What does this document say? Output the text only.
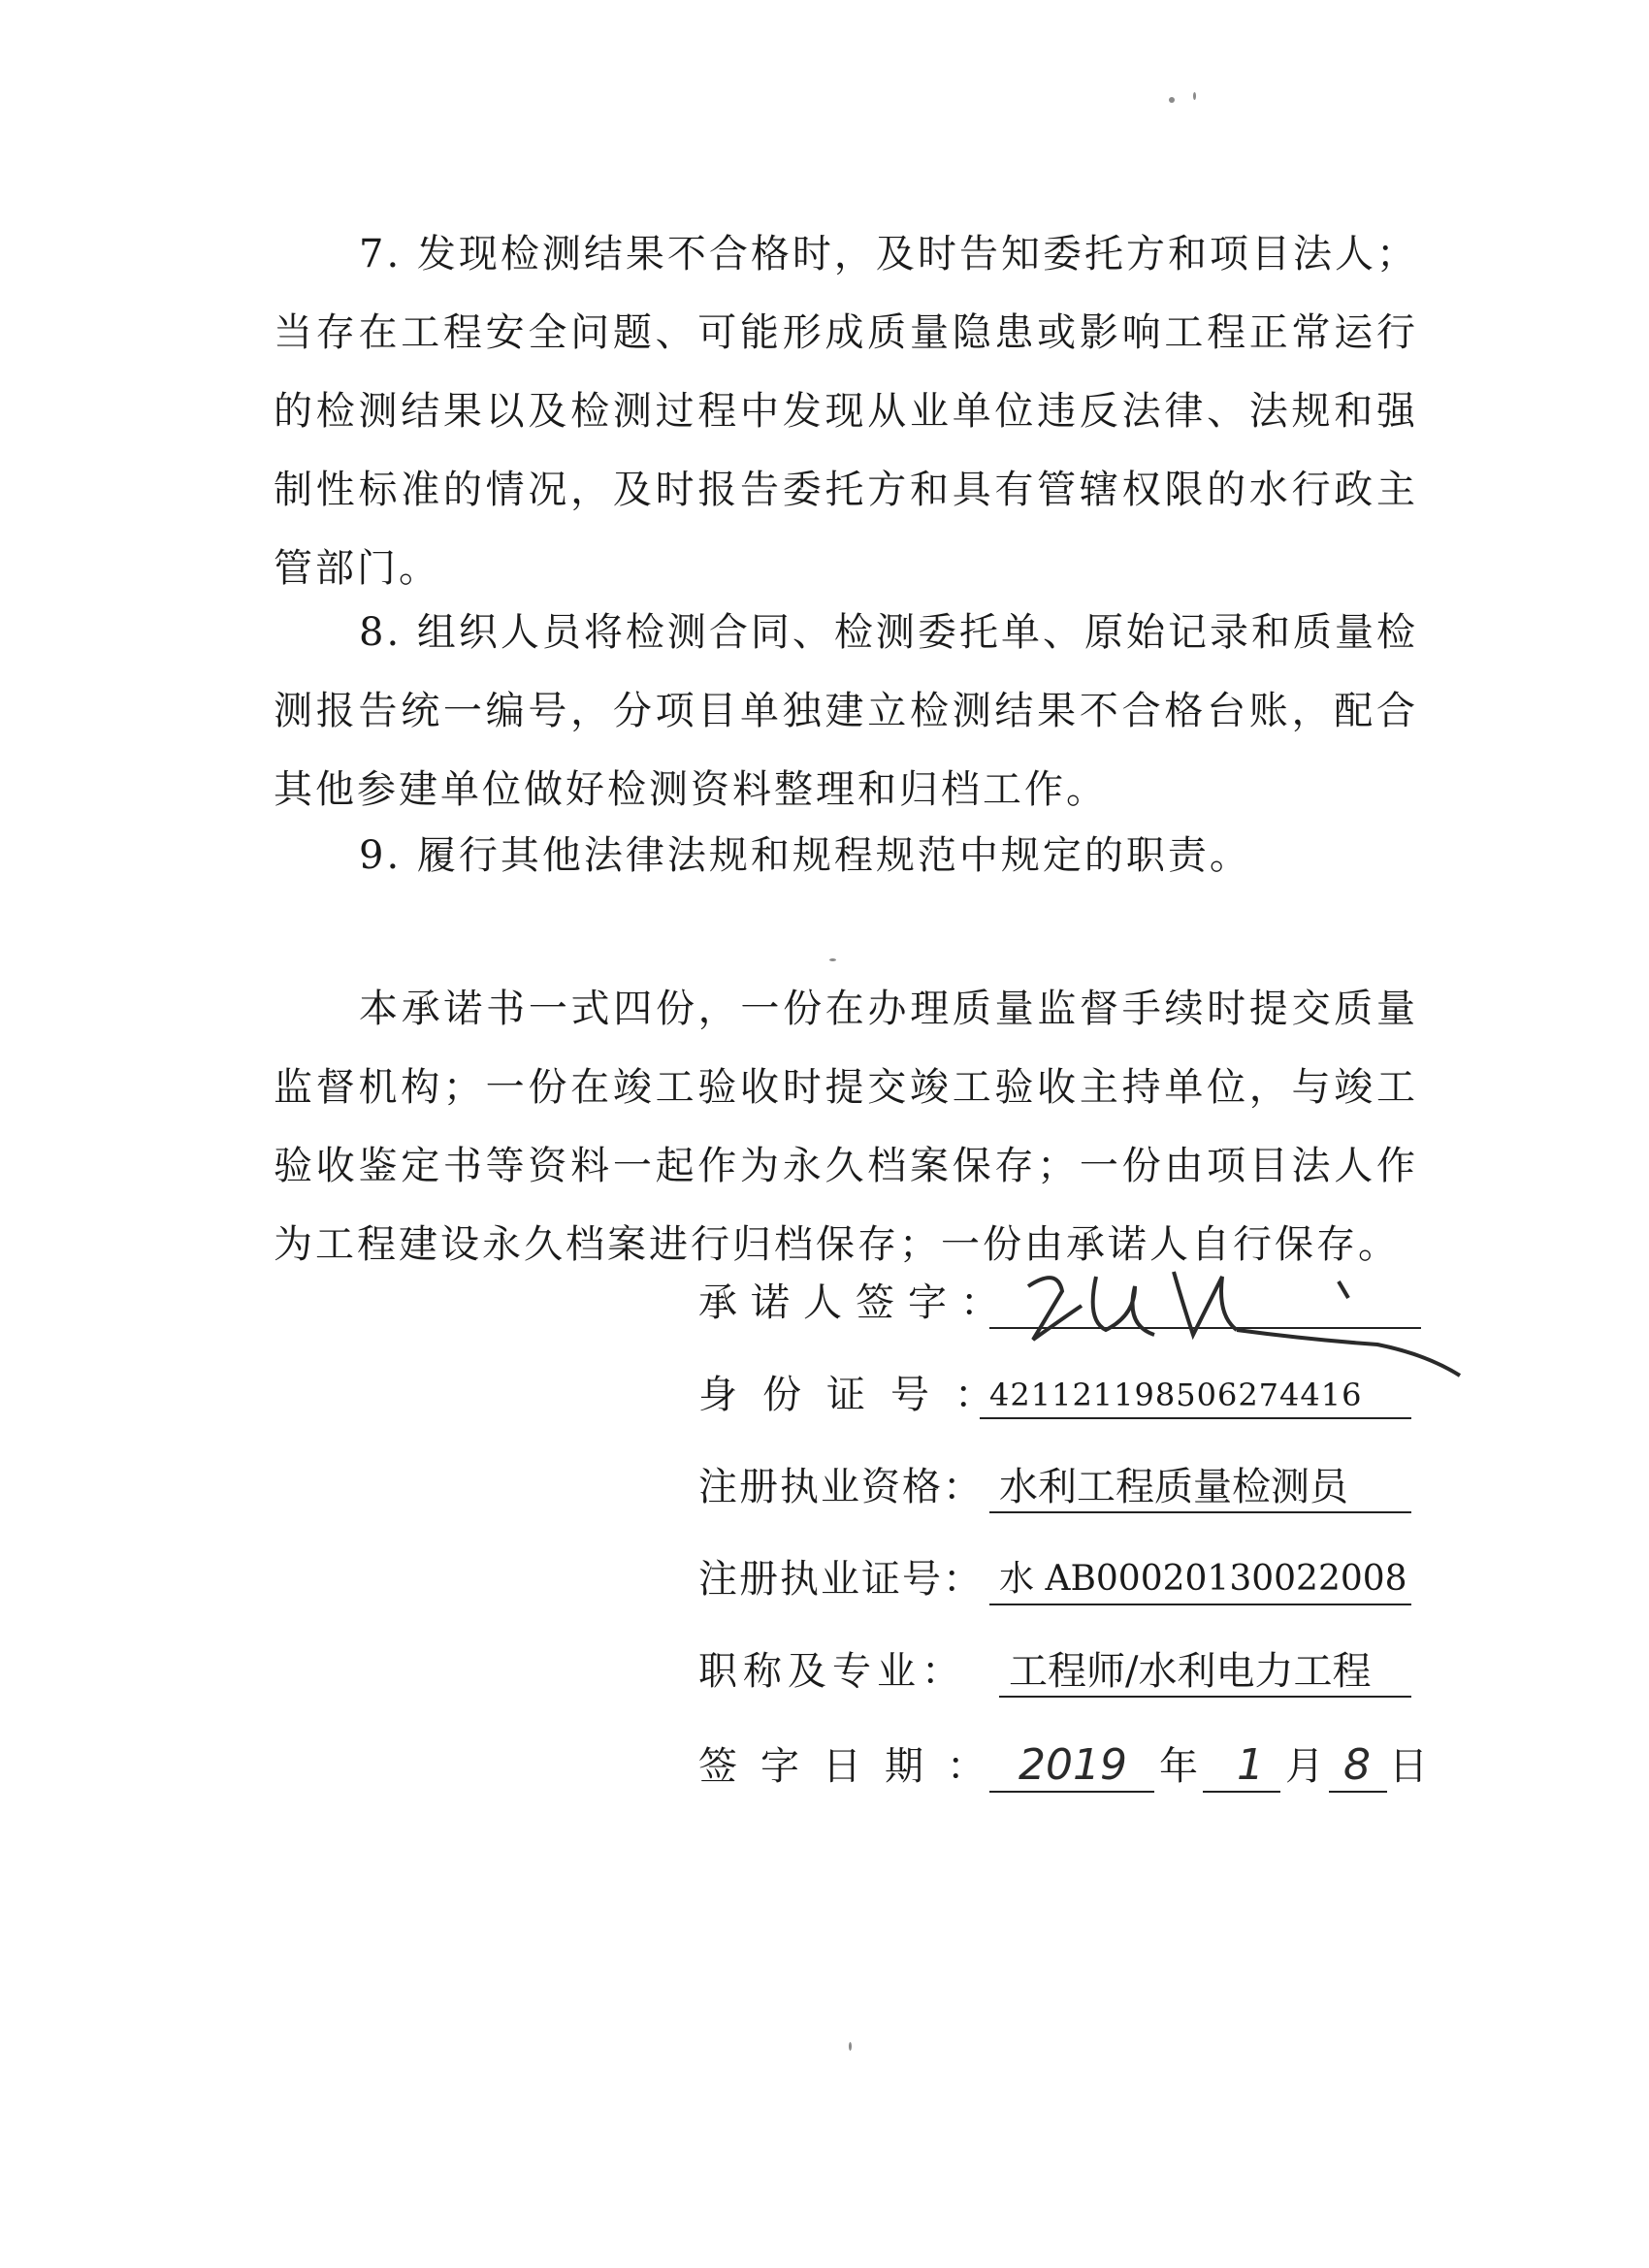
7. 发现检测结果不合格时，及时告知委托方和项目法人；当存在工程安全问题、可能形成质量隐患或影响工程正常运行的检测结果以及检测过程中发现从业单位违反法律、法规和强制性标准的情况，及时报告委托方和具有管辖权限的水行政主管部门。
8. 组织人员将检测合同、检测委托单、原始记录和质量检测报告统一编号，分项目单独建立检测结果不合格台账，配合其他参建单位做好检测资料整理和归档工作。
9. 履行其他法律法规和规程规范中规定的职责。
本承诺书一式四份，一份在办理质量监督手续时提交质量监督机构；一份在竣工验收时提交竣工验收主持单位，与竣工验收鉴定书等资料一起作为永久档案保存；一份由项目法人作为工程建设永久档案进行归档保存；一份由承诺人自行保存。
承诺人签字：
身份证号：
421121198506274416
注册执业资格： 水利工程质量检测员
注册执业证号： 水 AB00020130022008
职称及专业： 工程师/水利电力工程
签字日期： 2019 年 1 月 8 日
